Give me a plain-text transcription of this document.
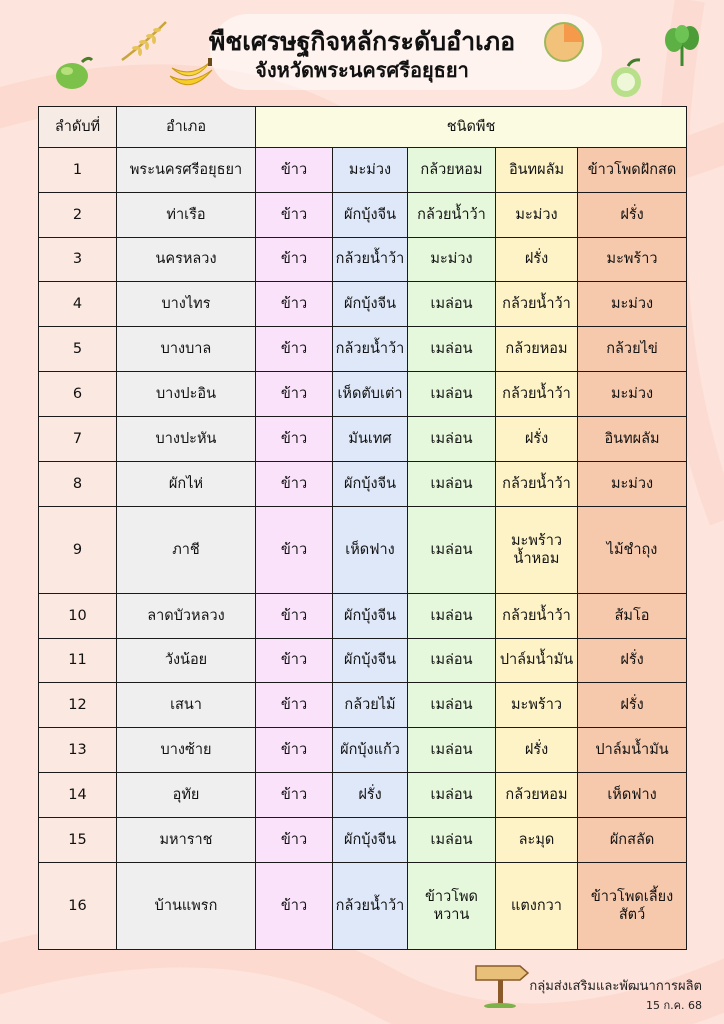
พืชเศรษฐกิจหลักระดับอำเภอ
จังหวัดพระนครศรีอยุธยา
ลำดับที่	อำเภอ	ชนิดพืช				
1	พระนครศรีอยุธยา	ข้าว	มะม่วง	กล้วยหอม	อินทผลัม	ข้าวโพดฝักสด
2	ท่าเรือ	ข้าว	ผักบุ้งจีน	กล้วยน้ำว้า	มะม่วง	ฝรั่ง
3	นครหลวง	ข้าว	กล้วยน้ำว้า	มะม่วง	ฝรั่ง	มะพร้าว
4	บางไทร	ข้าว	ผักบุ้งจีน	เมล่อน	กล้วยน้ำว้า	มะม่วง
5	บางบาล	ข้าว	กล้วยน้ำว้า	เมล่อน	กล้วยหอม	กล้วยไข่
6	บางปะอิน	ข้าว	เห็ดตับเต่า	เมล่อน	กล้วยน้ำว้า	มะม่วง
7	บางปะหัน	ข้าว	มันเทศ	เมล่อน	ฝรั่ง	อินทผลัม
8	ผักไห่	ข้าว	ผักบุ้งจีน	เมล่อน	กล้วยน้ำว้า	มะม่วง
9	ภาชี	ข้าว	เห็ดฟาง	เมล่อน	มะพร้าว น้ำหอม	ไม้ชำถุง
10	ลาดบัวหลวง	ข้าว	ผักบุ้งจีน	เมล่อน	กล้วยน้ำว้า	ส้มโอ
11	วังน้อย	ข้าว	ผักบุ้งจีน	เมล่อน	ปาล์มน้ำมัน	ฝรั่ง
12	เสนา	ข้าว	กล้วยไม้	เมล่อน	มะพร้าว	ฝรั่ง
13	บางซ้าย	ข้าว	ผักบุ้งแก้ว	เมล่อน	ฝรั่ง	ปาล์มน้ำมัน
14	อุทัย	ข้าว	ฝรั่ง	เมล่อน	กล้วยหอม	เห็ดฟาง
15	มหาราช	ข้าว	ผักบุ้งจีน	เมล่อน	ละมุด	ผักสลัด
16	บ้านแพรก	ข้าว	กล้วยน้ำว้า	ข้าวโพดหวาน	แตงกวา	ข้าวโพดเลี้ยงสัตว์
กลุ่มส่งเสริมและพัฒนาการผลิต
15 ก.ค. 68
